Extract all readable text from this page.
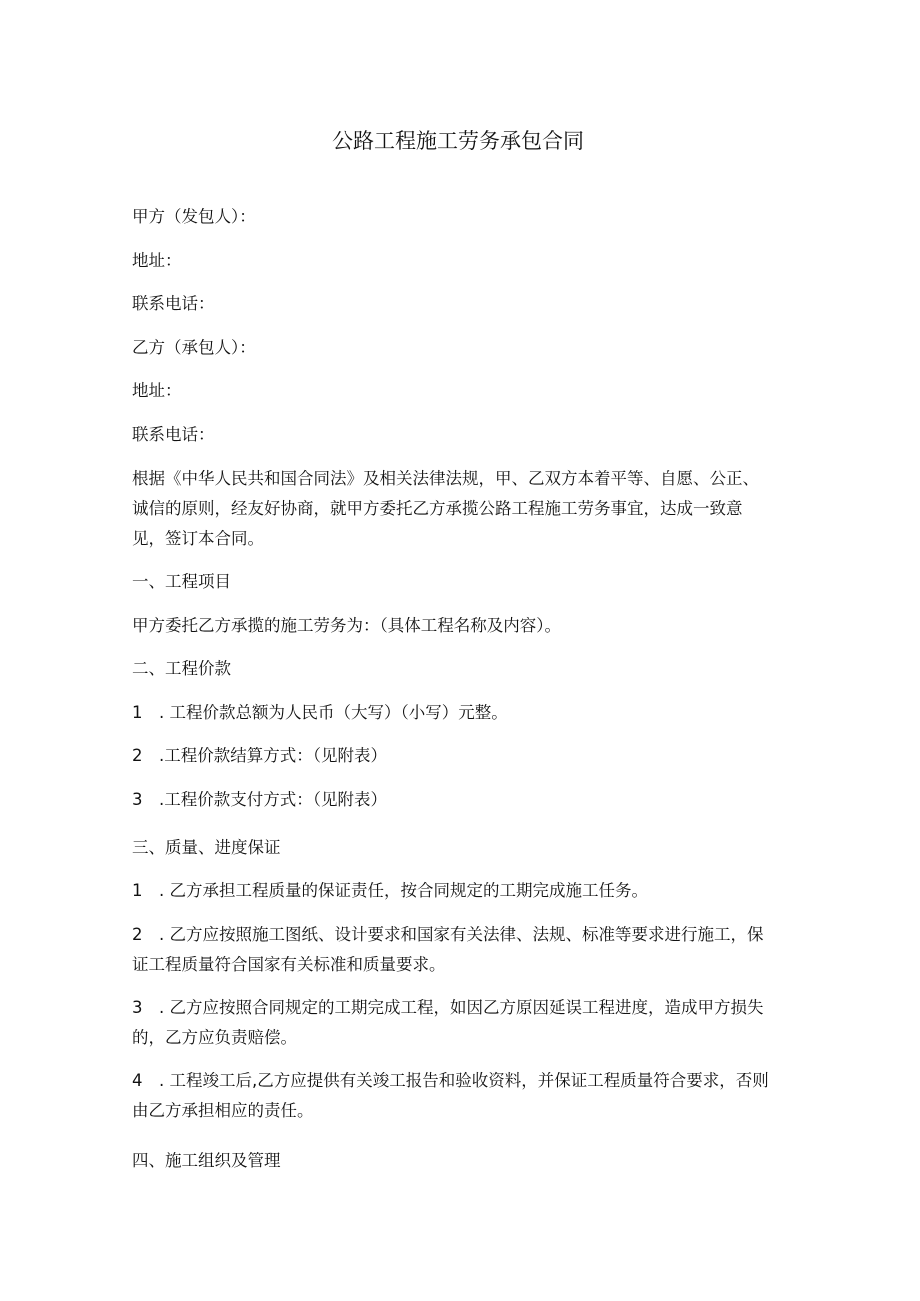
公路工程施工劳务承包合同

甲方（发包人）：

地址：

联系电话：

乙方（承包人）：

地址：

联系电话：

根据《中华人民共和国合同法》及相关法律法规，甲、乙双方本着平等、自愿、公正、
诚信的原则，经友好协商，就甲方委托乙方承揽公路工程施工劳务事宜，达成一致意
见，签订本合同。

一、工程项目

甲方委托乙方承揽的施工劳务为：（具体工程名称及内容）。

二、工程价款

1　. 工程价款总额为人民币（大写）（小写）元整。

2　.工程价款结算方式：（见附表）

3　.工程价款支付方式：（见附表）

三、质量、进度保证

1　. 乙方承担工程质量的保证责任，按合同规定的工期完成施工任务。

2　. 乙方应按照施工图纸、设计要求和国家有关法律、法规、标准等要求进行施工，保
证工程质量符合国家有关标准和质量要求。
3　. 乙方应按照合同规定的工期完成工程，如因乙方原因延误工程进度，造成甲方损失
的，乙方应负责赔偿。
4　. 工程竣工后,乙方应提供有关竣工报告和验收资料，并保证工程质量符合要求，否则
由乙方承担相应的责任。

四、施工组织及管理
